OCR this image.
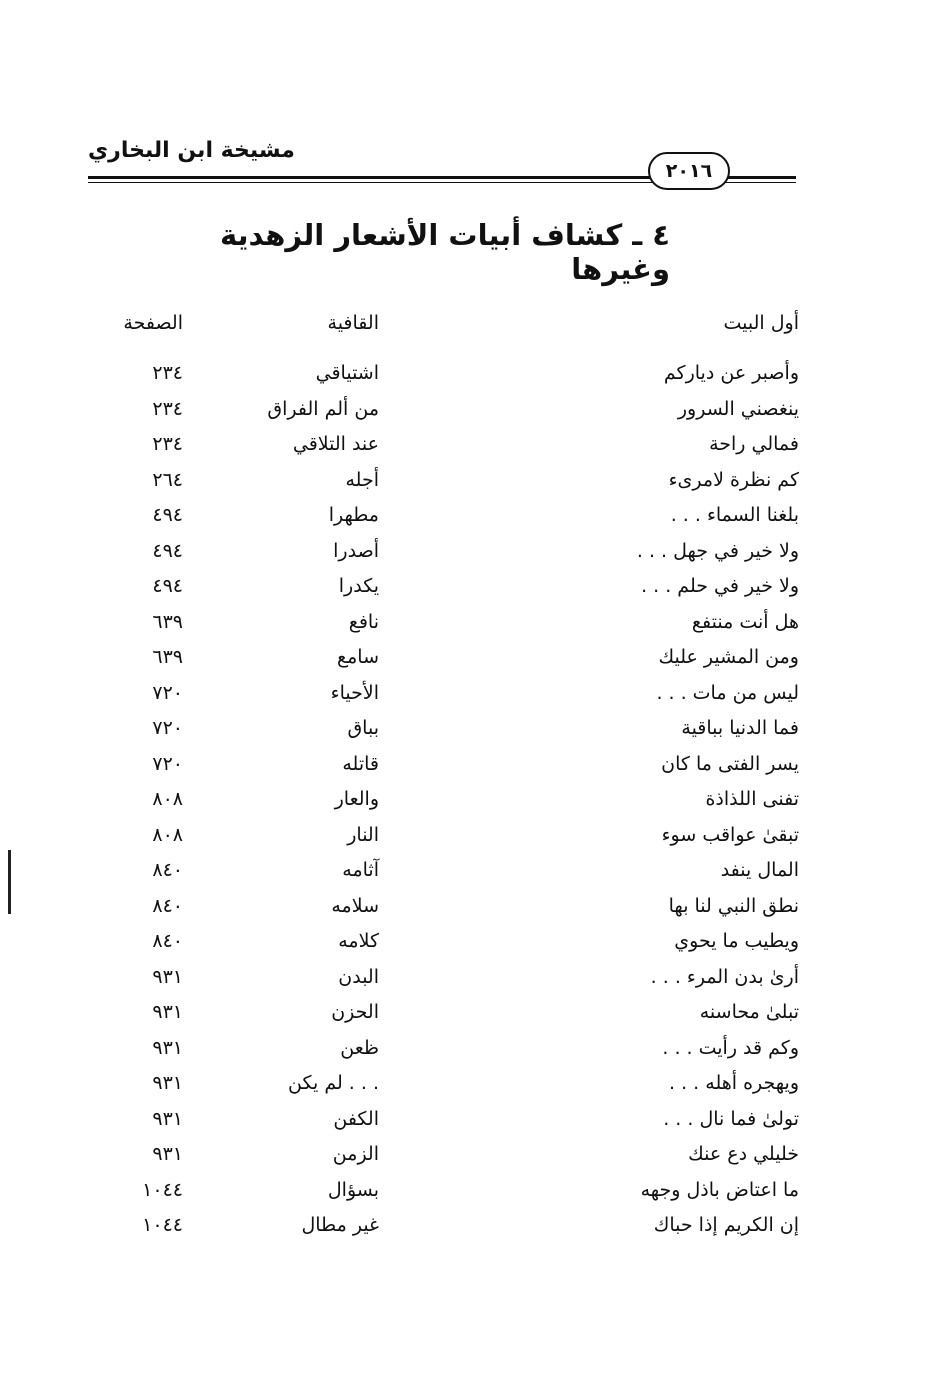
مشيخة ابن البخاري
٢٠١٦
٤ ـ كشاف أبيات الأشعار الزهدية وغيرها
أول البيت
القافية
الصفحة
وأصبر عن دياركم
اشتياقي
٢٣٤
ينغصني السرور
من ألم الفراق
٢٣٤
فمالي راحة
عند التلاقي
٢٣٤
كم نظرة لامرىء
أجله
٢٦٤
بلغنا السماء . . .
مطهرا
٤٩٤
ولا خير في جهل . . .
أصدرا
٤٩٤
ولا خير في حلم . . .
يكدرا
٤٩٤
هل أنت منتفع
نافع
٦٣٩
ومن المشير عليك
سامع
٦٣٩
ليس من مات . . .
الأحياء
٧٢٠
فما الدنيا بباقية
بباق
٧٢٠
يسر الفتى ما كان
قاتله
٧٢٠
تفنى اللذاذة
والعار
٨٠٨
تبقىٰ عواقب سوء
النار
٨٠٨
المال ينفد
آثامه
٨٤٠
نطق النبي لنا بها
سلامه
٨٤٠
ويطيب ما يحوي
كلامه
٨٤٠
أرىٰ بدن المرء . . .
البدن
٩٣١
تبلىٰ محاسنه
الحزن
٩٣١
وكم قد رأيت . . .
ظعن
٩٣١
ويهجره أهله . . .
. . . لم يكن
٩٣١
تولىٰ فما نال . . .
الكفن
٩٣١
خليلي دع عنك
الزمن
٩٣١
ما اعتاض باذل وجهه
بسؤال
١٠٤٤
إن الكريم إذا حباك
غير مطال
١٠٤٤
